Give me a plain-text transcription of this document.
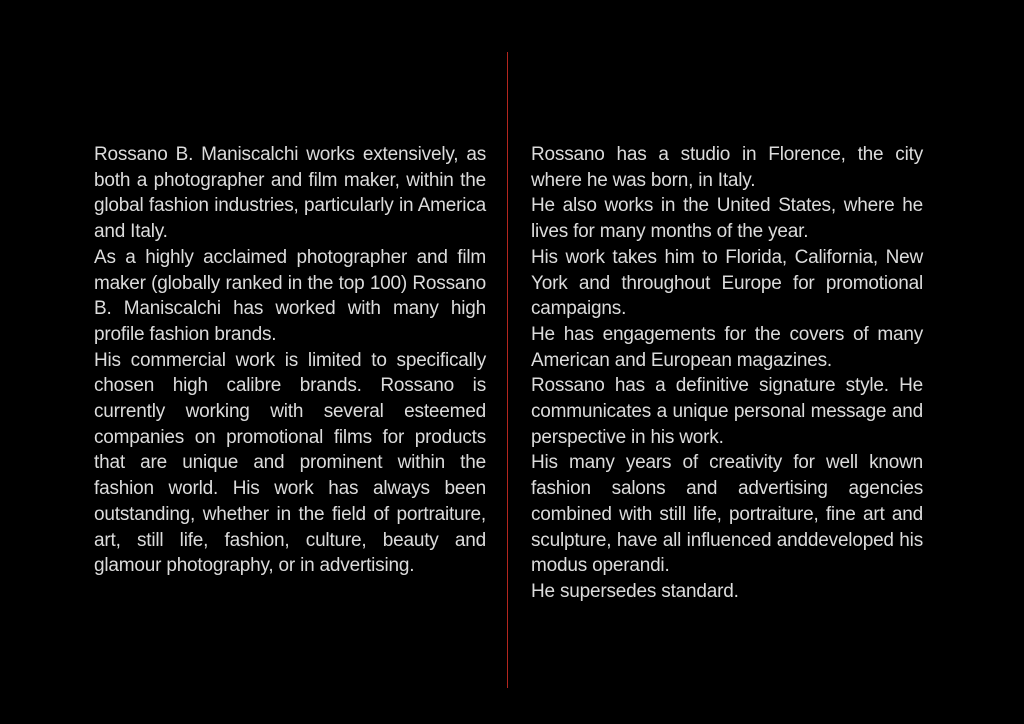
Rossano B. Maniscalchi works extensively, as both a photographer and film maker, within the global fashion industries, particularly in America and Italy.

As a highly acclaimed photographer and film maker (globally ranked in the top 100) Rossano B. Maniscalchi has worked with many high profile fashion brands.

His commercial work is limited to specifically chosen high calibre brands. Rossano is currently working with several esteemed companies on promotional films for products that are unique and prominent within the fashion world. His work has always been outstanding, whether in the field of portraiture, art, still life, fashion, culture, beauty and glamour photography, or in advertising.

Rossano has a studio in Florence, the city where he was born, in Italy.

He also works in the United States, where he lives for many months of the year.

His work takes him to Florida, California, New York and throughout Europe for promotional campaigns.

He has engagements for the covers of many American and European magazines.

Rossano has a definitive signature style. He communicates a unique personal message and perspective in his work.

His many years of creativity for well known fashion salons and advertising agencies combined with still life, portraiture, fine art and sculpture, have all influenced anddeveloped his modus operandi.

He supersedes standard.
